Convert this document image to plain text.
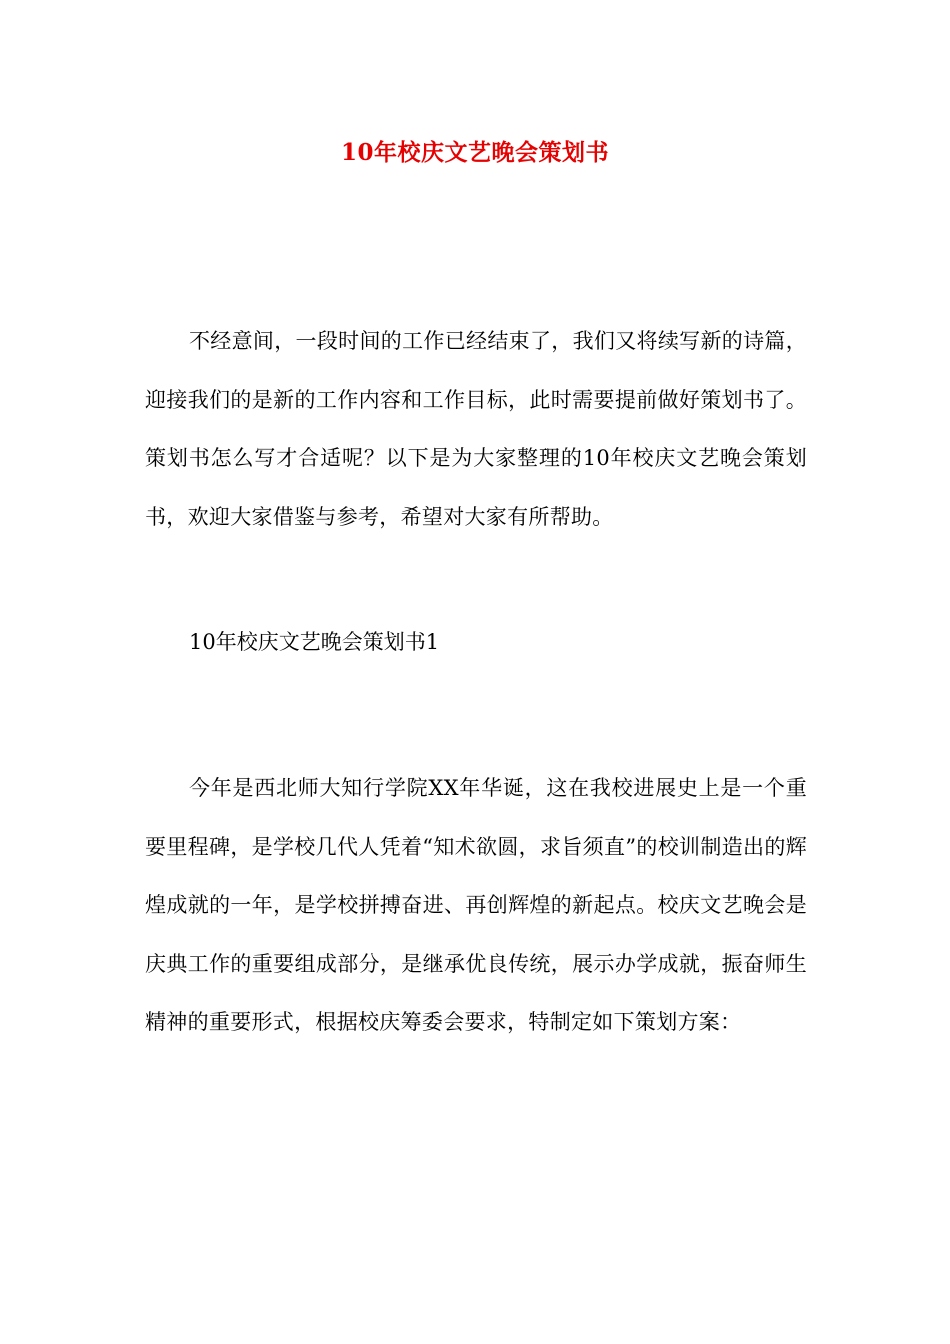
10年校庆文艺晚会策划书

不经意间，一段时间的工作已经结束了，我们又将续写新的诗篇，迎接我们的是新的工作内容和工作目标，此时需要提前做好策划书了。策划书怎么写才合适呢？以下是为大家整理的10年校庆文艺晚会策划书，欢迎大家借鉴与参考，希望对大家有所帮助。

10年校庆文艺晚会策划书1

今年是西北师大知行学院XX年华诞，这在我校进展史上是一个重要里程碑，是学校几代人凭着“知术欲圆，求旨须直”的校训制造出的辉煌成就的一年，是学校拼搏奋进、再创辉煌的新起点。校庆文艺晚会是庆典工作的重要组成部分，是继承优良传统，展示办学成就，振奋师生精神的重要形式，根据校庆筹委会要求，特制定如下策划方案：
